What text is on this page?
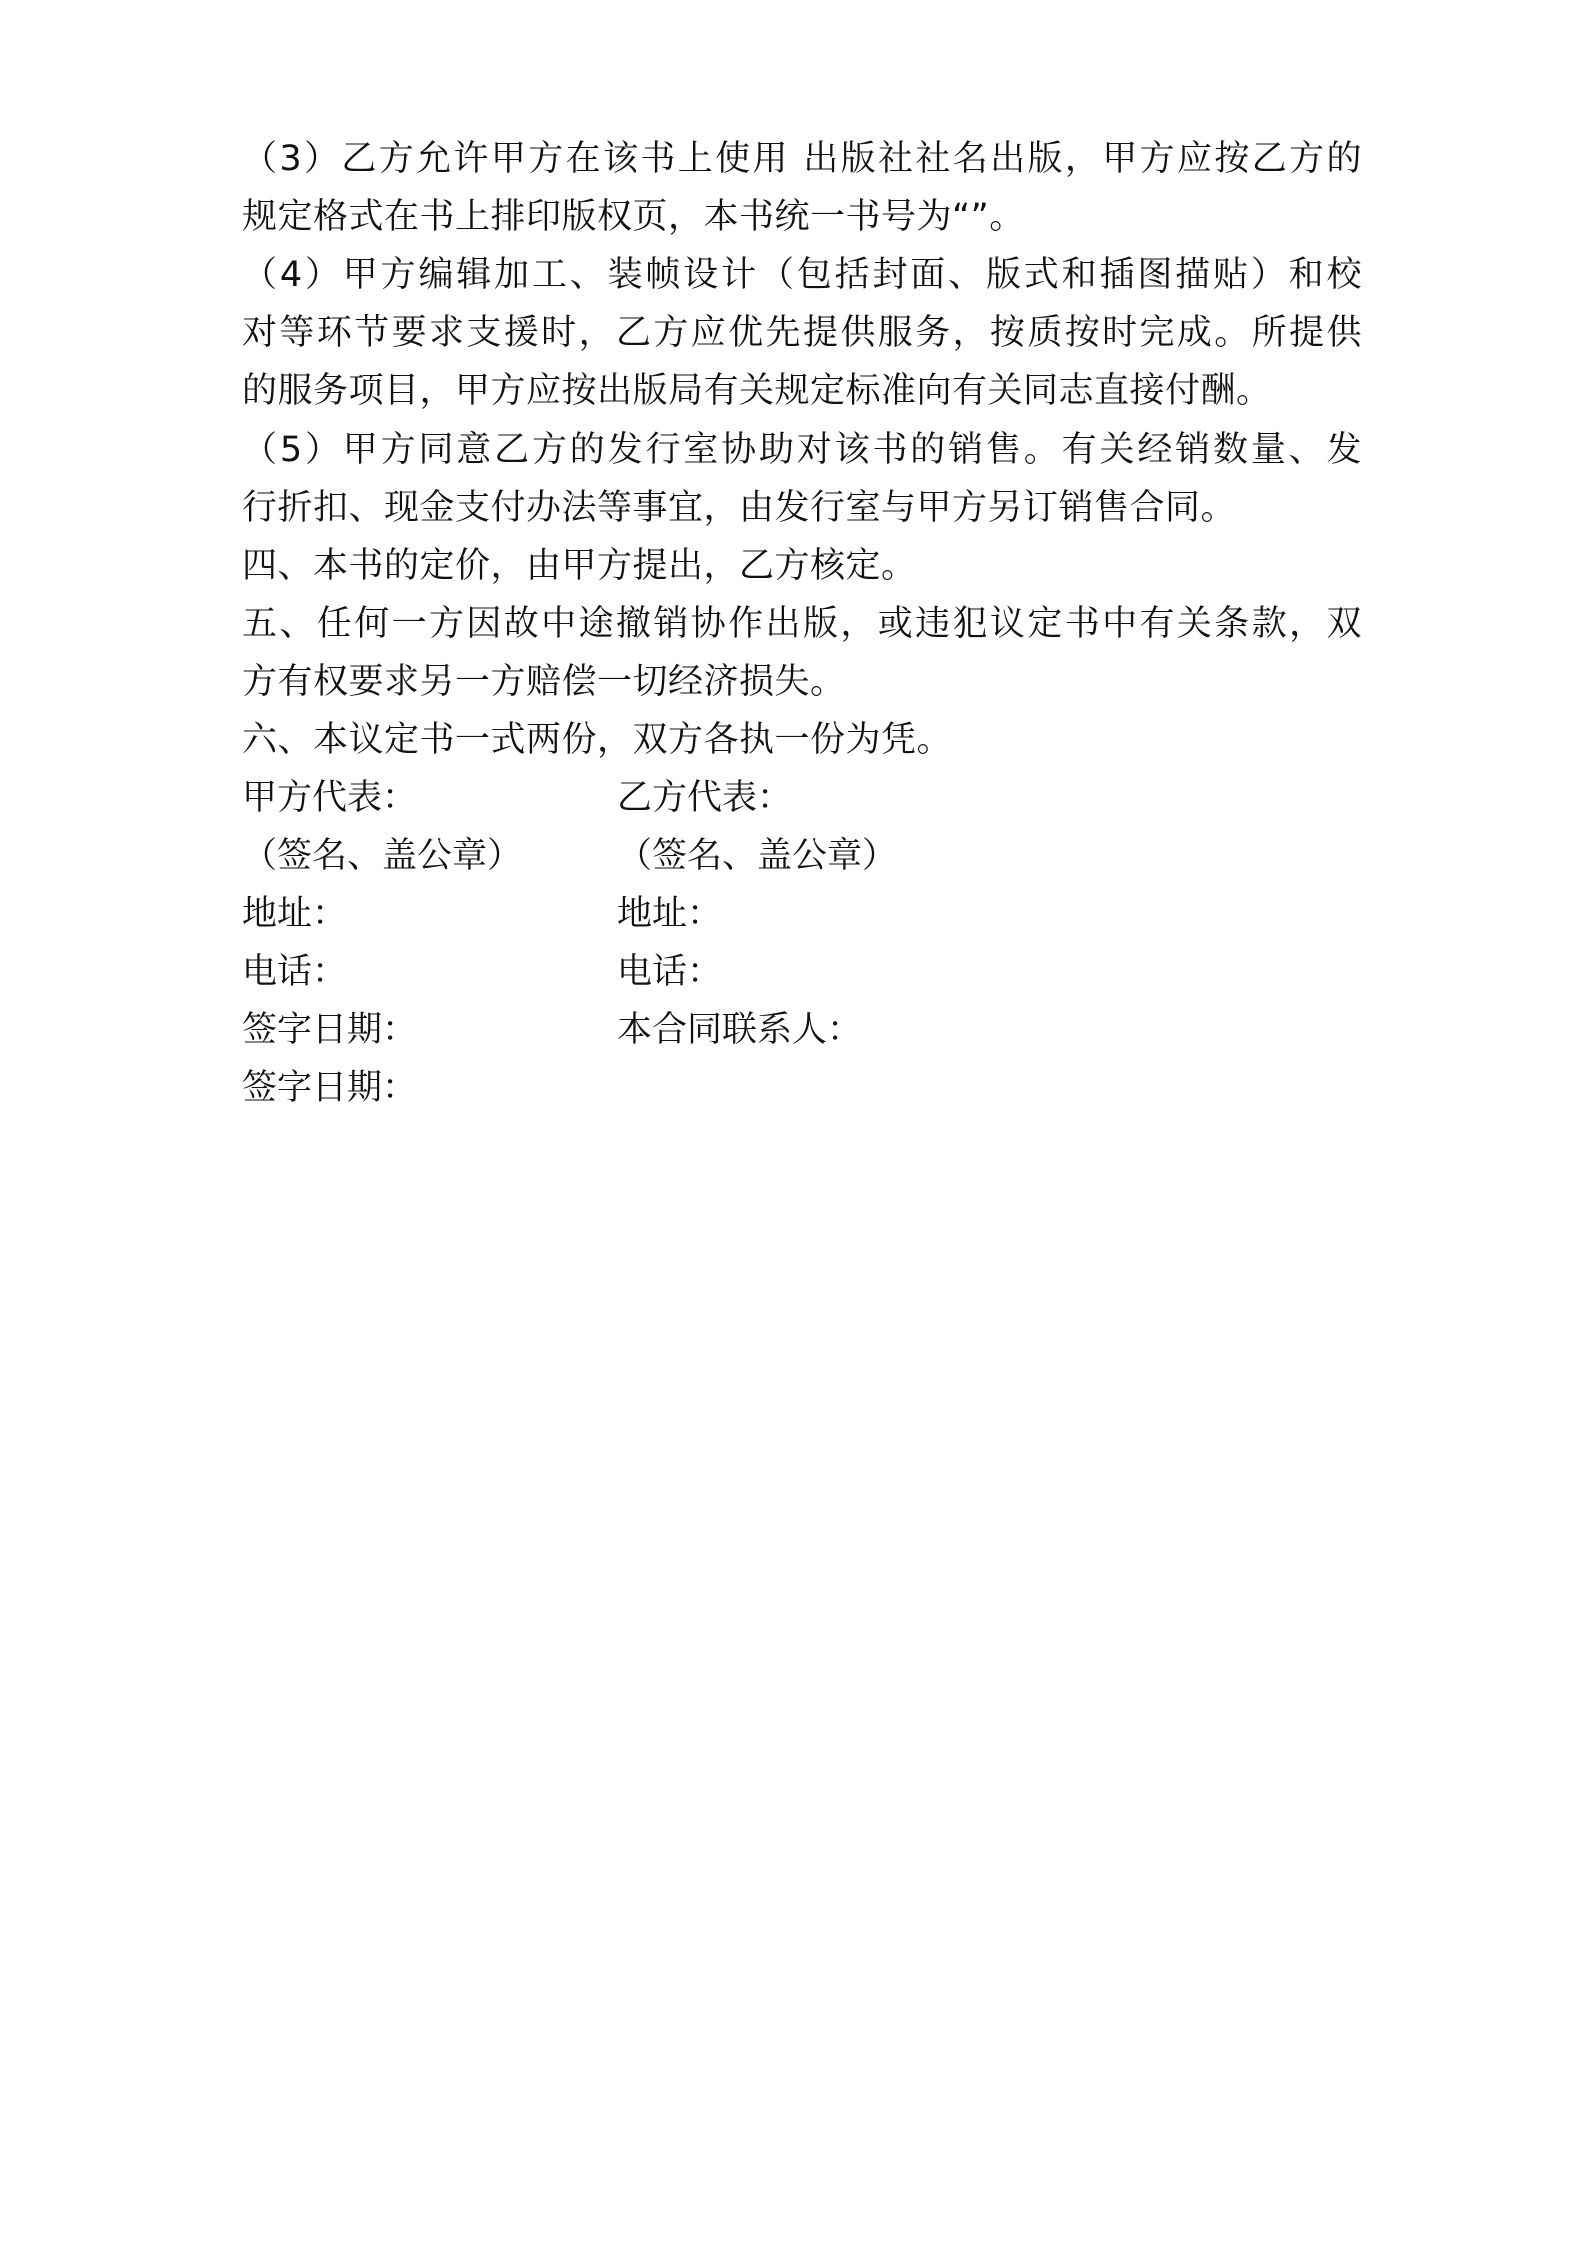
（3）乙方允许甲方在该书上使用 出版社社名出版，甲方应按乙方的
规定格式在书上排印版权页，本书统一书号为“”。
（4）甲方编辑加工、装帧设计（包括封面、版式和插图描贴）和校
对等环节要求支援时，乙方应优先提供服务，按质按时完成。所提供
的服务项目，甲方应按出版局有关规定标准向有关同志直接付酬。
（5）甲方同意乙方的发行室协助对该书的销售。有关经销数量、发
行折扣、现金支付办法等事宜，由发行室与甲方另订销售合同。
四、本书的定价，由甲方提出，乙方核定。
五、任何一方因故中途撤销协作出版，或违犯议定书中有关条款，双
方有权要求另一方赔偿一切经济损失。
六、本议定书一式两份，双方各执一份为凭。
甲方代表：	乙方代表：
（签名、盖公章）	（签名、盖公章）
地址：	地址：
电话：	电话：
签字日期：	本合同联系人：
签字日期：
